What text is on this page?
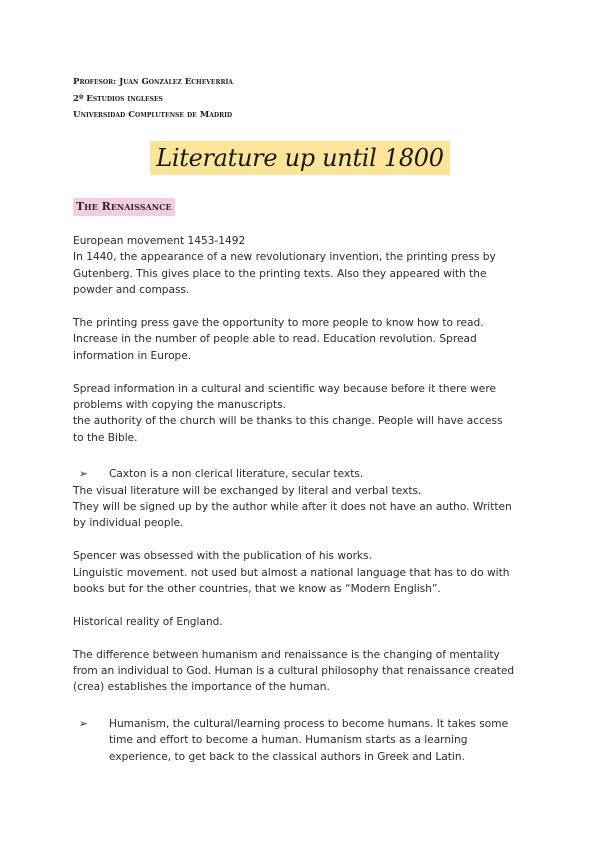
Profesor: Juan González Echeverría
2º Estudios ingleses
Universidad Complutense de Madrid
Literature up until 1800
The Renaissance

European movement 1453-1492
In 1440, the appearance of a new revolutionary invention, the printing press by
Gutenberg. This gives place to the printing texts. Also they appeared with the
powder and compass.

The printing press gave the opportunity to more people to know how to read.
Increase in the number of people able to read. Education revolution. Spread
information in Europe.

Spread information in a cultural and scientific way because before it there were
problems with copying the manuscripts.
the authority of the church will be thanks to this change. People will have access
to the Bible.

➢ Caxton is a non clerical literature, secular texts.

The visual literature will be exchanged by literal and verbal texts.
They will be signed up by the author while after it does not have an autho. Written
by individual people.

Spencer was obsessed with the publication of his works.
Linguistic movement. not used but almost a national language that has to do with
books but for the other countries, that we know as “Modern English”.

Historical reality of England.

The difference between humanism and renaissance is the changing of mentality
from an individual to God. Human is a cultural philosophy that renaissance created
(crea) establishes the importance of the human.

➢ Humanism, the cultural/learning process to become humans. It takes some
time and effort to become a human. Humanism starts as a learning
experience, to get back to the classical authors in Greek and Latin.
